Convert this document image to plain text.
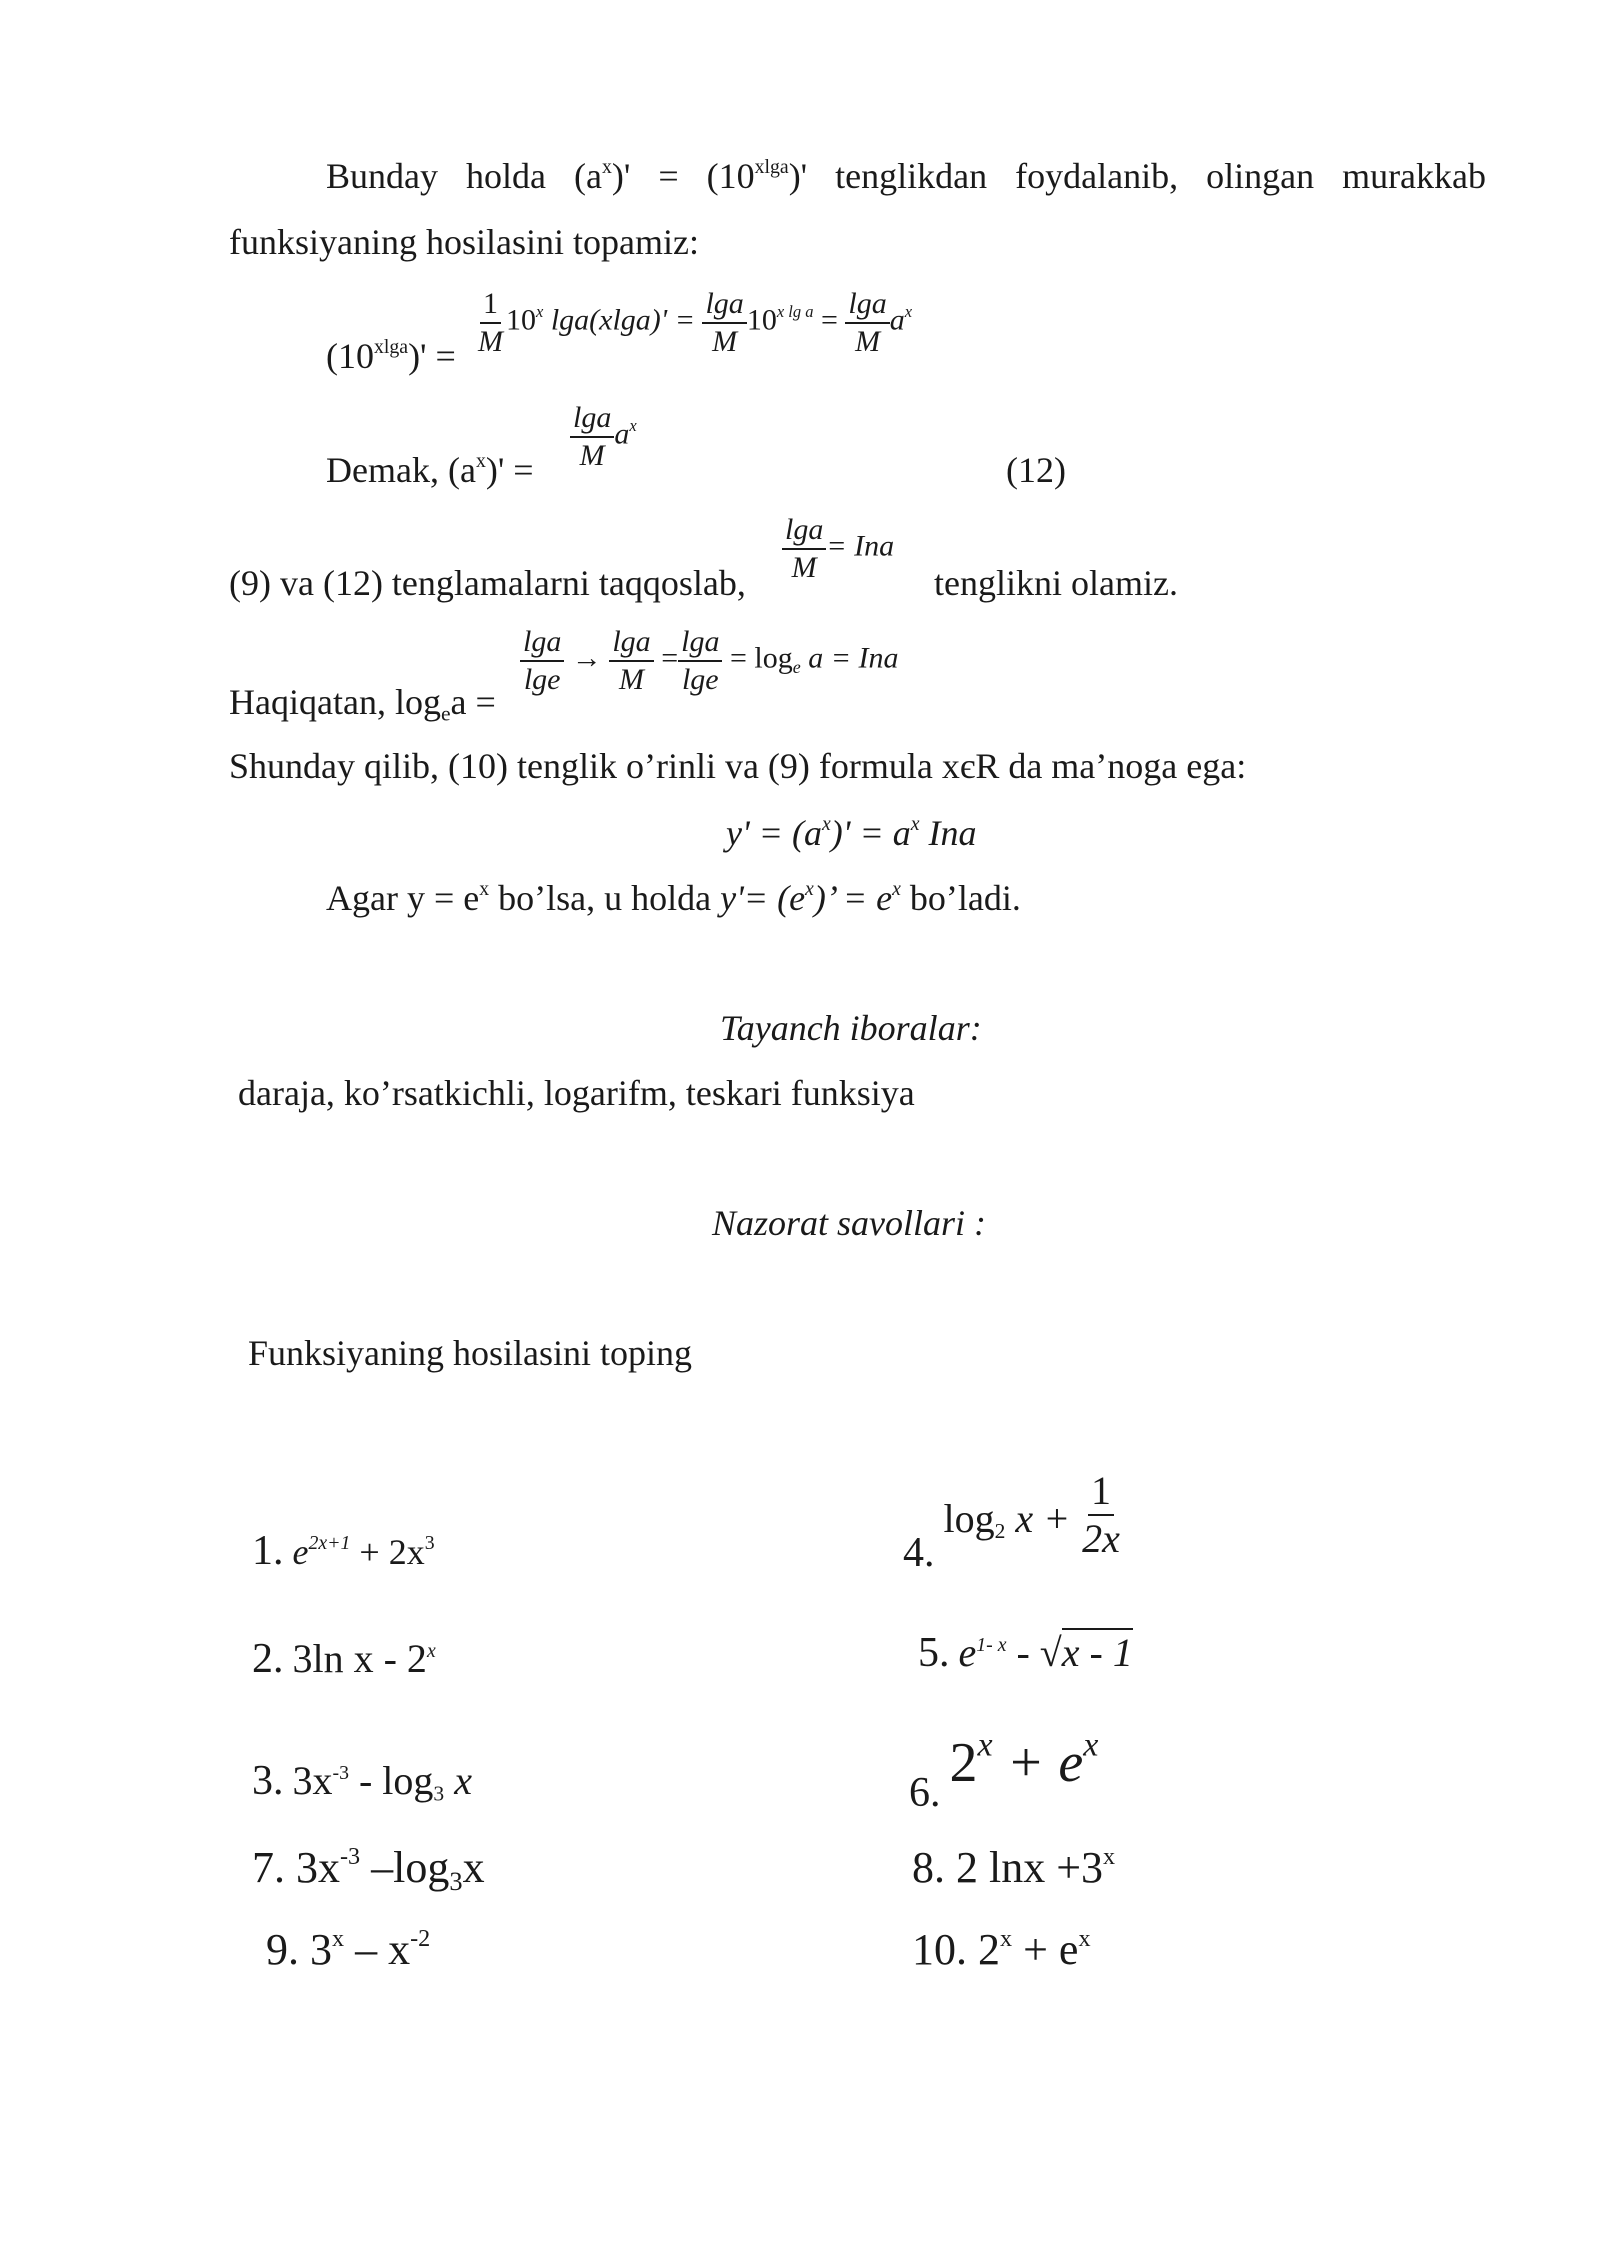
Bunday holda $(a^x)' = (10^{xlga})'$ tenglikdan foydalanib, olingan murakkab
funksiyaning hosilasini topamiz:
$(10^{xlga})' = \frac{1}{M} 10^x$ $\lg a(xlga)' = \frac{\lg a}{M} 10^{x lg a} = \frac{\lg a}{M} a^x$
Demak, $(a^x)' = \frac{\lg a}{M} a^x$
(12)
(9) va (12) tenglamalarni taqqoslab, $\frac{\lg a}{M}$ = Ina
tenglikni olamiz.
Haqiqatan, $\log_ea$ =
$\frac{\lg a}{\lg e} \to \frac{\lg a}{M} = \frac{\lg a}{\lg e} = \log_e a$ = Ina
Shunday qilib, (10) tenglik o’rinli va (9) formula xєR da ma’noga ega:
$y' = (a^x)' = a^x$ Ina
Agar $y = e^x$ bo’lsa, u holda $y'= (e^x)$’ = $e^x$ bo’ladi.
Tayanch iboralar:
daraja, ko’rsatkichli, logarifm, teskari funksiya
Nazorat savollari :
Funksiyaning hosilasini toping
1. $e^{2x+1} + 2x^3$	4. $\log_2 x + \frac{1}{2x}$
2. 3ln x - 2$^x$	5. $e^{1- x} - √x - 1$
3. $3x^{-3} - \log_3 x$	6. $2^x + e^x$
7. $3x^{-3}$ $-\log_3x$	8. 2 $\ln x +3^x$
9. $3^x - x^{-2}$	10. $2^x + e^x$
